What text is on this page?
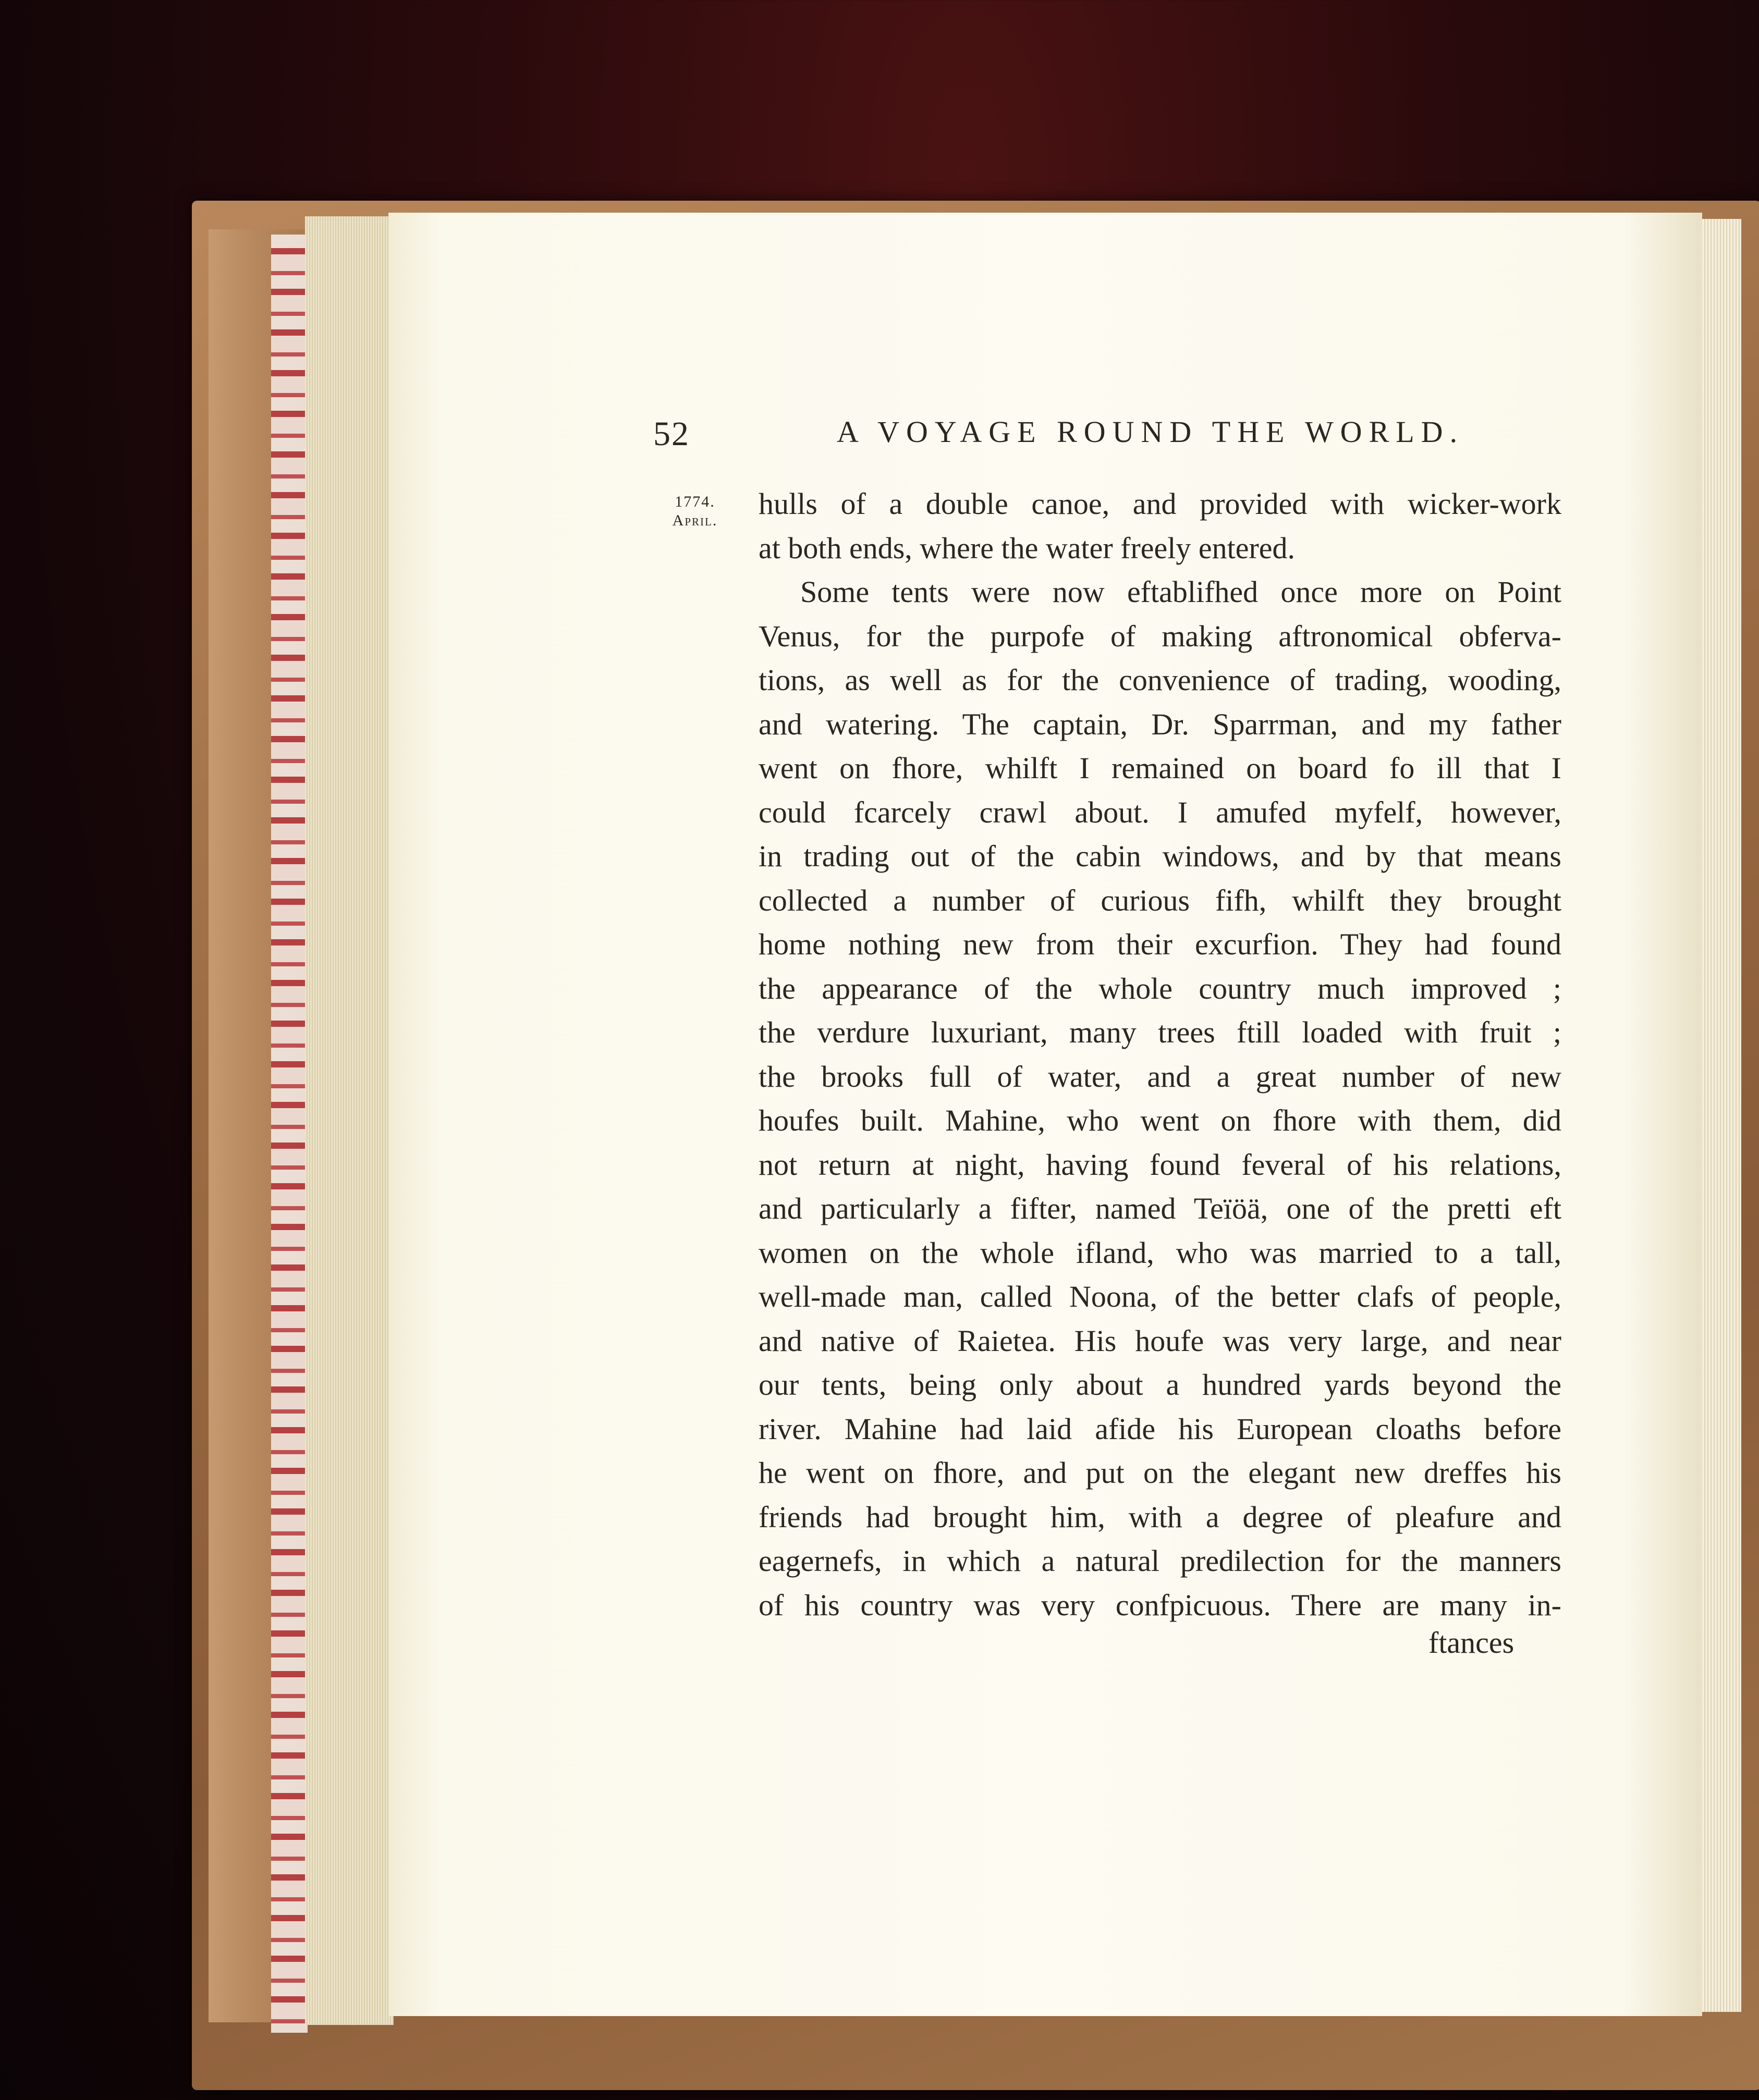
52	A VOYAGE ROUND THE WORLD.
1774.
April.	hulls of a double canoe, and provided with wicker-work
at both ends, where the water freely entered.
Some tents were now eftablifhed once more on Point
Venus, for the purpofe of making aftronomical obferva-
tions, as well as for the convenience of trading, wooding,
and watering. The captain, Dr. Sparrman, and my father
went on fhore, whilft I remained on board fo ill that I
could fcarcely crawl about. I amufed myfelf, however,
in trading out of the cabin windows, and by that means
collected a number of curious fifh, whilft they brought
home nothing new from their excurfion. They had found
the appearance of the whole country much improved ;
the verdure luxuriant, many trees ftill loaded with fruit ;
the brooks full of water, and a great number of new
houfes built. Mahine, who went on fhore with them, did
not return at night, having found feveral of his relations,
and particularly a fifter, named Teïöä, one of the pretti eft
women on the whole ifland, who was married to a tall,
well-made man, called Noona, of the better clafs of people,
and native of Raietea. His houfe was very large, and near
our tents, being only about a hundred yards beyond the
river. Mahine had laid afide his European cloaths before
he went on fhore, and put on the elegant new dreffes his
friends had brought him, with a degree of pleafure and
eagernefs, in which a natural predilection for the manners
of his country was very confpicuous. There are many in-
ftances
